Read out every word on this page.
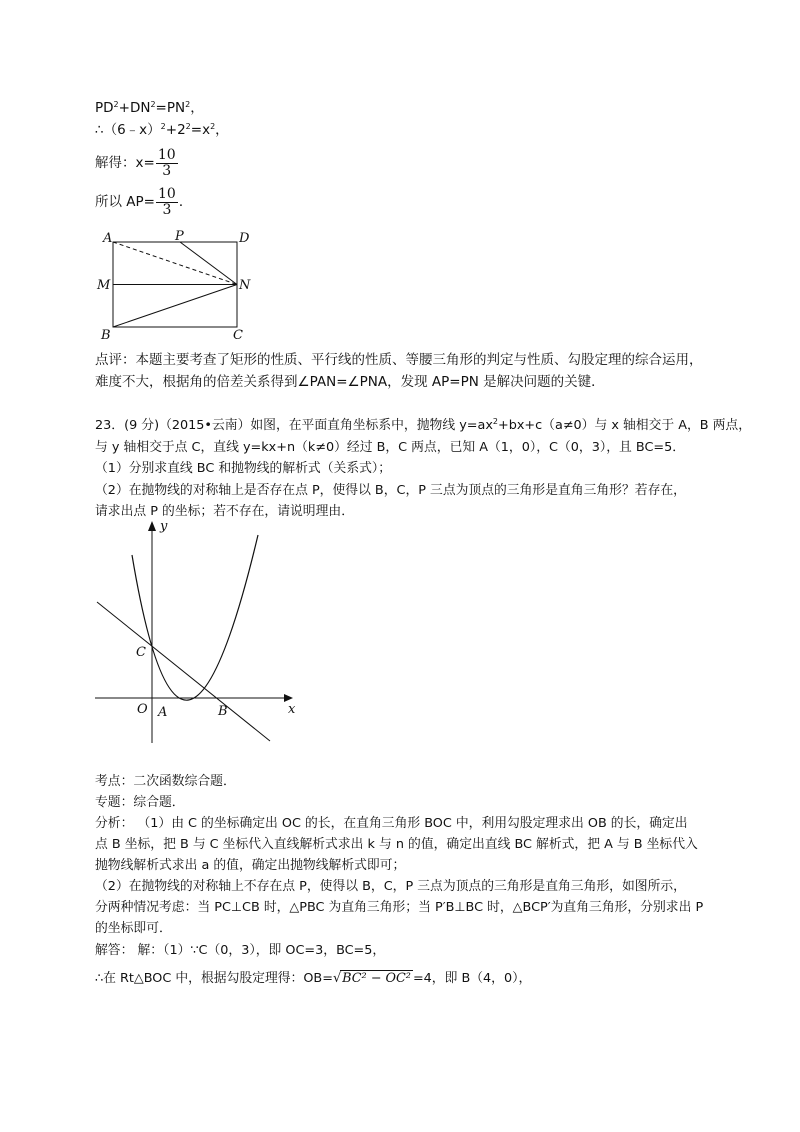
$PD^2+DN^2=PN^2$，
$\therefore(6﹣x)^2+2^2=x^2$，
解得：$x= \frac{10}{3}$
所以 $AP= \frac{10}{3}$ ．
A	P	D
M	N
B	C
点评：本题主要考查了矩形的性质、平行线的性质、等腰三角形的判定与性质、勾股定理的综合运用，
难度不大，根据角的倍差关系得到∠PAN=∠PNA，发现 AP=PN 是解决问题的关键．
23．(9 分)（2015•云南）如图，在平面直角坐标系中，抛物线 $y=ax^2+bx+c(a\ne 0)$与 x 轴相交于 A，B 两点，
与 y 轴相交于点 C，直线 y=kx+n（k≠0）经过 B，C 两点，已知 A（1，0），C（0，3），且 BC=5．
（1）分别求直线 BC 和抛物线的解析式（关系式）；
（2）在抛物线的对称轴上是否存在点 P，使得以 B，C，P 三点为顶点的三角形是直角三角形？若存在，
请求出点 P 的坐标；若不存在，请说明理由．
y
x
C
O A	B
考点：二次函数综合题．
专题：综合题．
分析： （1）由 C 的坐标确定出 OC 的长，在直角三角形 BOC 中，利用勾股定理求出 OB 的长，确定出
点 B 坐标，把 B 与 C 坐标代入直线解析式求出 k 与 n 的值，确定出直线 BC 解析式，把 A 与 B 坐标代入
抛物线解析式求出 a 的值，确定出抛物线解析式即可；
（2）在抛物线的对称轴上不存在点 P，使得以 B，C，P 三点为顶点的三角形是直角三角形，如图所示，
分两种情况考虑：当 PC⊥CB 时，△PBC 为直角三角形；当 P′B⊥BC 时，△BCP′为直角三角形，分别求出 P
的坐标即可．
解答： 解：（1）∵C（0，3），即 OC=3，BC=5，
∴在 Rt△BOC 中，根据勾股定理得：OB=√BC² − OC² =4，即 B（4，0），
